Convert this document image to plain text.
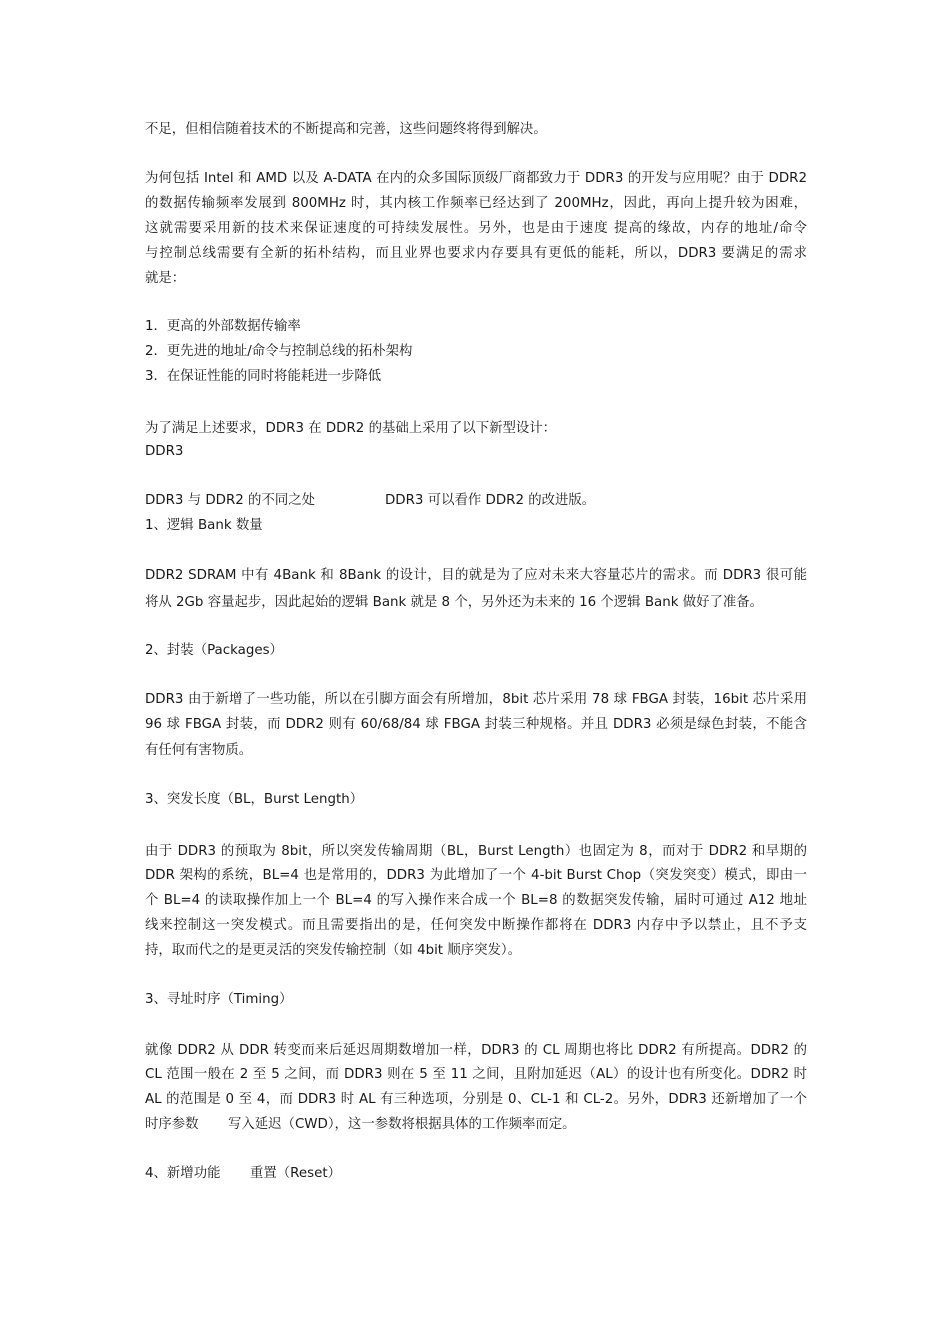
不足，但相信随着技术的不断提高和完善，这些问题终将得到解决。
为何包括 Intel 和 AMD 以及 A-DATA 在内的众多国际顶级厂商都致力于 DDR3 的开发与应用呢？由于 DDR2
的数据传输频率发展到 800MHz 时，其内核工作频率已经达到了 200MHz，因此，再向上提升较为困难，
这就需要采用新的技术来保证速度的可持续发展性。另外，也是由于速度 提高的缘故，内存的地址/命令
与控制总线需要有全新的拓朴结构，而且业界也要求内存要具有更低的能耗，所以，DDR3 要满足的需求
就是：
1．更高的外部数据传输率
2．更先进的地址/命令与控制总线的拓朴架构
3．在保证性能的同时将能耗进一步降低
为了满足上述要求，DDR3 在 DDR2 的基础上采用了以下新型设计：
DDR3
DDR3 与 DDR2 的不同之处	DDR3 可以看作 DDR2 的改进版。
1、逻辑 Bank 数量
DDR2 SDRAM 中有 4Bank 和 8Bank 的设计，目的就是为了应对未来大容量芯片的需求。而 DDR3 很可能
将从 2Gb 容量起步，因此起始的逻辑 Bank 就是 8 个，另外还为未来的 16 个逻辑 Bank 做好了准备。
2、封装（Packages）
DDR3 由于新增了一些功能，所以在引脚方面会有所增加，8bit 芯片采用 78 球 FBGA 封装，16bit 芯片采用
96 球 FBGA 封装，而 DDR2 则有 60/68/84 球 FBGA 封装三种规格。并且 DDR3 必须是绿色封装，不能含
有任何有害物质。
3、突发长度（BL，Burst Length）
由于 DDR3 的预取为 8bit，所以突发传输周期（BL，Burst Length）也固定为 8，而对于 DDR2 和早期的
DDR 架构的系统，BL=4 也是常用的，DDR3 为此增加了一个 4-bit Burst Chop（突发突变）模式，即由一
个 BL=4 的读取操作加上一个 BL=4 的写入操作来合成一个 BL=8 的数据突发传输，届时可通过 A12 地址
线来控制这一突发模式。而且需要指出的是，任何突发中断操作都将在 DDR3 内存中予以禁止，且不予支
持，取而代之的是更灵活的突发传输控制（如 4bit 顺序突发）。
3、寻址时序（Timing）
就像 DDR2 从 DDR 转变而来后延迟周期数增加一样，DDR3 的 CL 周期也将比 DDR2 有所提高。DDR2 的
CL 范围一般在 2 至 5 之间，而 DDR3 则在 5 至 11 之间，且附加延迟（AL）的设计也有所变化。DDR2 时
AL 的范围是 0 至 4，而 DDR3 时 AL 有三种选项，分别是 0、CL-1 和 CL-2。另外，DDR3 还新增加了一个
时序参数 写入延迟（CWD），这一参数将根据具体的工作频率而定。
4、新增功能 重置（Reset）
